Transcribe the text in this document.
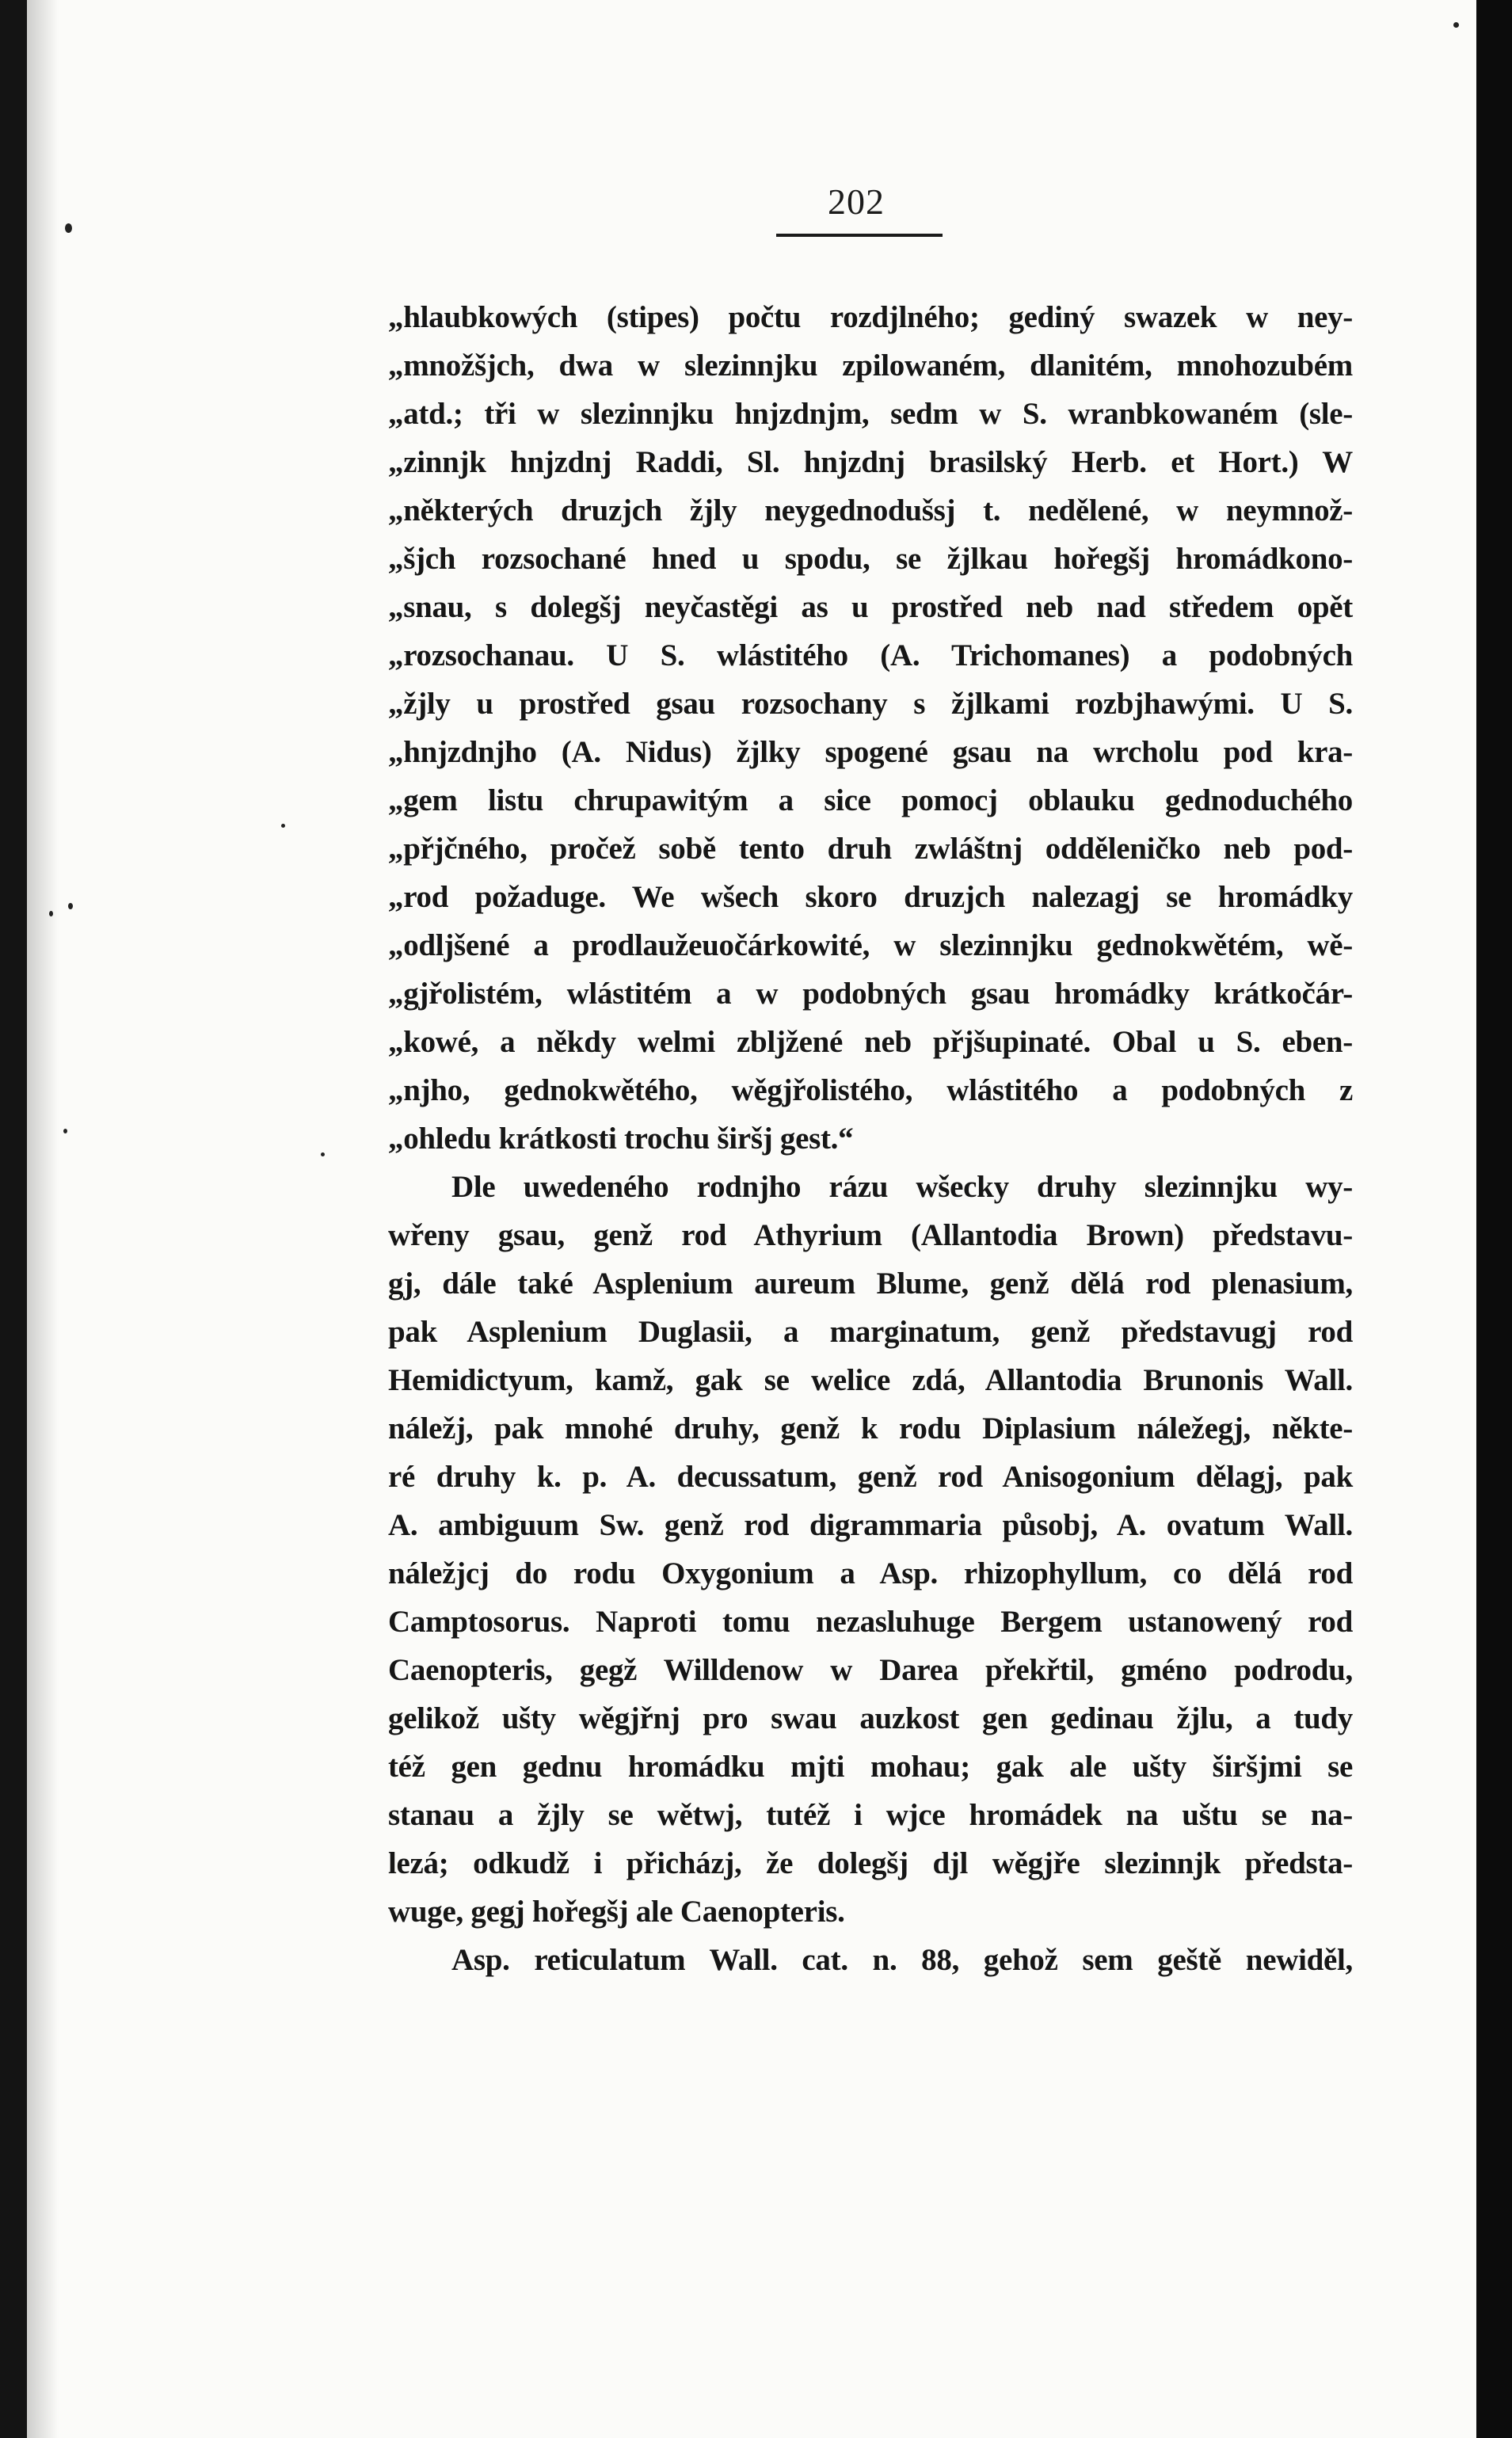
202
„hlaubkowých (stipes) počtu rozdjlného; gediný swazek w ney-
„množšjch, dwa w slezinnjku zpilowaném, dlanitém, mnohozubém
„atd.; tři w slezinnjku hnjzdnjm, sedm w S. wranbkowaném (sle-
„zinnjk hnjzdnj Raddi, Sl. hnjzdnj brasilský Herb. et Hort.) W
„některých druzjch žjly neygednodušsj t. nedělené, w neymnož-
„šjch rozsochané hned u spodu, se žjlkau hořegšj hromádkono-
„snau, s dolegšj neyčastěgi as u prostřed neb nad středem opět
„rozsochanau. U S. wlástitého (A. Trichomanes) a podobných
„žjly u prostřed gsau rozsochany s žjlkami rozbjhawými. U S.
„hnjzdnjho (A. Nidus) žjlky spogené gsau na wrcholu pod kra-
„gem listu chrupawitým a sice pomocj oblauku gednoduchého
„přjčného, pročež sobě tento druh zwláštnj odděleničko neb pod-
„rod požaduge. We wšech skoro druzjch nalezagj se hromádky
„odljšené a prodlaužeuočárkowité, w slezinnjku gednokwětém, wě-
„gjřolistém, wlástitém a w podobných gsau hromádky krátkočár-
„kowé, a někdy welmi zbljžené neb přjšupinaté. Obal u S. eben-
„njho, gednokwětého, wěgjřolistého, wlástitého a podobných z
„ohledu krátkosti trochu širšj gest.“
Dle uwedeného rodnjho rázu wšecky druhy slezinnjku wy-
wřeny gsau, genž rod Athyrium (Allantodia Brown) představu-
gj, dále také Asplenium aureum Blume, genž dělá rod plenasium,
pak Asplenium Duglasii, a marginatum, genž představugj rod
Hemidictyum, kamž, gak se welice zdá, Allantodia Brunonis Wall.
náležj, pak mnohé druhy, genž k rodu Diplasium náležegj, někte-
ré druhy k. p. A. decussatum, genž rod Anisogonium dělagj, pak
A. ambiguum Sw. genž rod digrammaria působj, A. ovatum Wall.
náležjcj do rodu Oxygonium a Asp. rhizophyllum, co dělá rod
Camptosorus. Naproti tomu nezasluhuge Bergem ustanowený rod
Caenopteris, gegž Willdenow w Darea překřtil, gméno podrodu,
gelikož ušty wěgjřnj pro swau auzkost gen gedinau žjlu, a tudy
též gen gednu hromádku mjti mohau; gak ale ušty širšjmi se
stanau a žjly se wětwj, tutéž i wjce hromádek na uštu se na-
lezá; odkudž i přicházj, že dolegšj djl wěgjře slezinnjk předsta-
wuge, gegj hořegšj ale Caenopteris.
Asp. reticulatum Wall. cat. n. 88, gehož sem geště newiděl,
